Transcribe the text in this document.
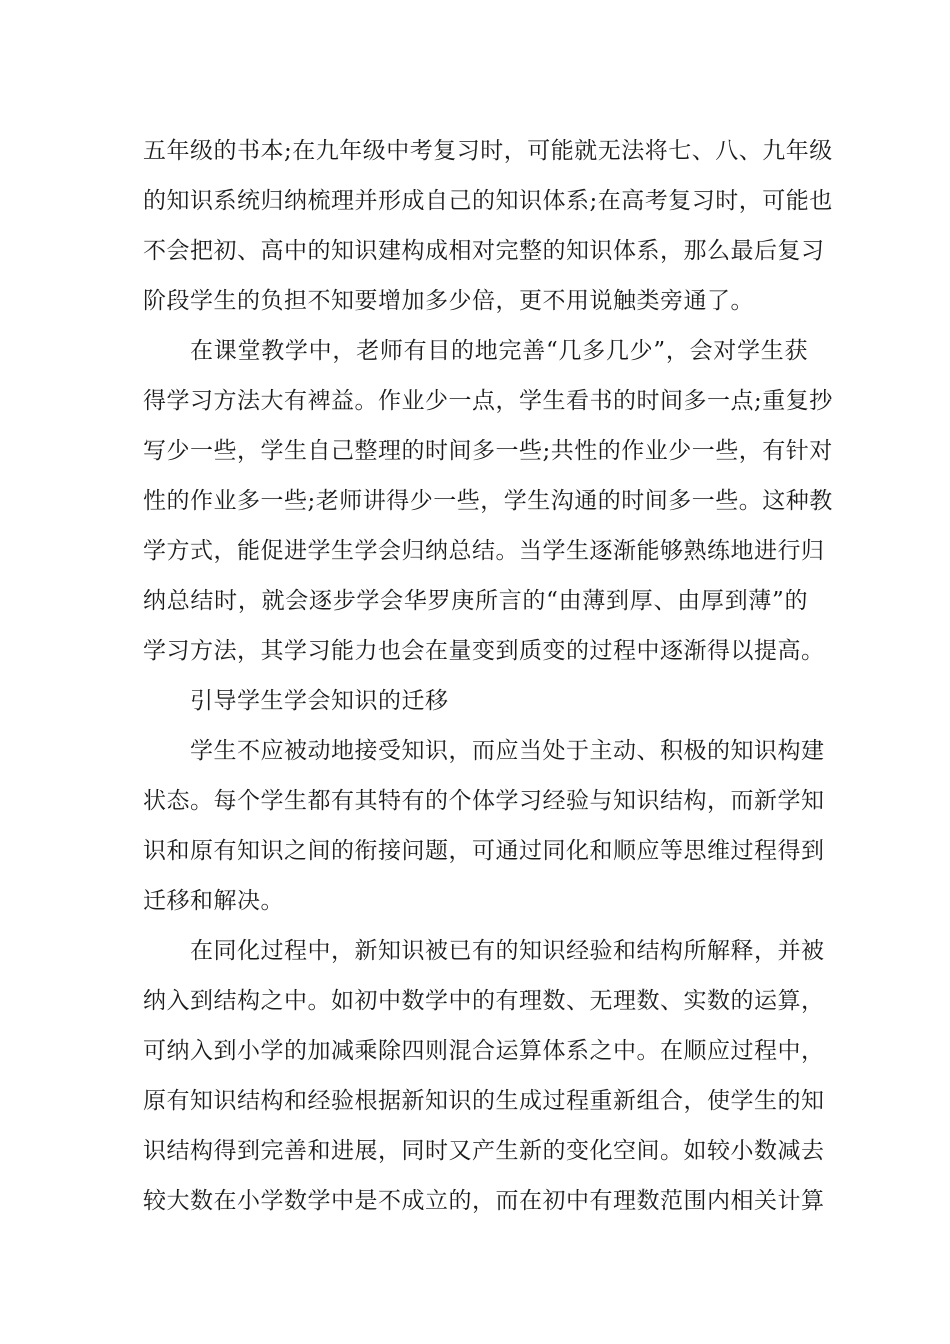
五年级的书本;在九年级中考复习时，可能就无法将七、八、九年级
的知识系统归纳梳理并形成自己的知识体系;在高考复习时，可能也
不会把初、高中的知识建构成相对完整的知识体系，那么最后复习
阶段学生的负担不知要增加多少倍，更不用说触类旁通了。
在课堂教学中，老师有目的地完善“几多几少”，会对学生获
得学习方法大有裨益。作业少一点，学生看书的时间多一点;重复抄
写少一些，学生自己整理的时间多一些;共性的作业少一些，有针对
性的作业多一些;老师讲得少一些，学生沟通的时间多一些。这种教
学方式，能促进学生学会归纳总结。当学生逐渐能够熟练地进行归
纳总结时，就会逐步学会华罗庚所言的“由薄到厚、由厚到薄”的
学习方法，其学习能力也会在量变到质变的过程中逐渐得以提高。
引导学生学会知识的迁移
学生不应被动地接受知识，而应当处于主动、积极的知识构建
状态。每个学生都有其特有的个体学习经验与知识结构，而新学知
识和原有知识之间的衔接问题，可通过同化和顺应等思维过程得到
迁移和解决。
在同化过程中，新知识被已有的知识经验和结构所解释，并被
纳入到结构之中。如初中数学中的有理数、无理数、实数的运算，
可纳入到小学的加减乘除四则混合运算体系之中。在顺应过程中，
原有知识结构和经验根据新知识的生成过程重新组合，使学生的知
识结构得到完善和进展，同时又产生新的变化空间。如较小数减去
较大数在小学数学中是不成立的，而在初中有理数范围内相关计算
